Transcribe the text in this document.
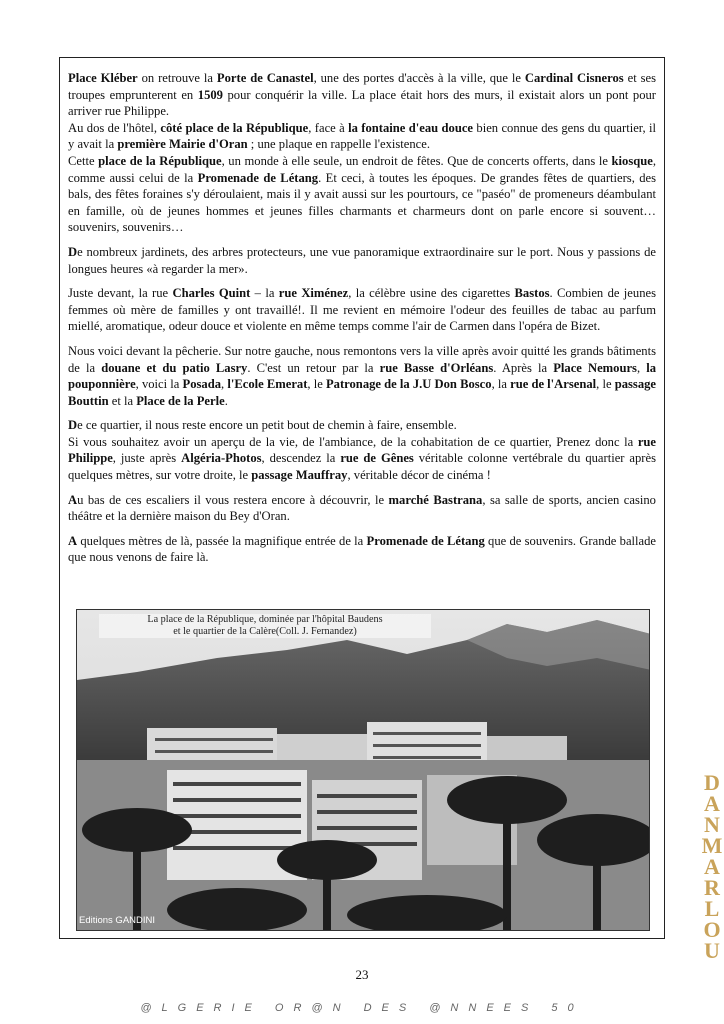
Place Kléber on retrouve la Porte de Canastel, une des portes d'accès à la ville, que le Cardinal Cisneros et ses troupes emprunterent en 1509 pour conquérir la ville. La place était hors des murs, il existait alors un pont pour arriver rue Philippe.
Au dos de l'hôtel, côté place de la République, face à la fontaine d'eau douce bien connue des gens du quartier, il y avait la première Mairie d'Oran ; une plaque en rappelle l'existence.
Cette place de la République, un monde à elle seule, un endroit de fêtes. Que de concerts offerts, dans le kiosque, comme aussi celui de la Promenade de Létang. Et ceci, à toutes les époques. De grandes fêtes de quartiers, des bals, des fêtes foraines s'y déroulaient, mais il y avait aussi sur les pourtours, ce "paséo" de promeneurs déambulant en famille, où de jeunes hommes et jeunes filles charmants et charmeurs dont on parle encore si souvent…souvenirs, souvenirs…

De nombreux jardinets, des arbres protecteurs, une vue panoramique extraordinaire sur le port. Nous y passions de longues heures «à regarder la mer».

Juste devant, la rue Charles Quint – la rue Ximénez, la célèbre usine des cigarettes Bastos. Combien de jeunes femmes où mère de familles y ont travaillé!. Il me revient en mémoire l'odeur des feuilles de tabac au parfum miellé, aromatique, odeur douce et violente en même temps comme l'air de Carmen dans l'opéra de Bizet.

Nous voici devant la pêcherie. Sur notre gauche, nous remontons vers la ville après avoir quitté les grands bâtiments de la douane et du patio Lasry. C'est un retour par la rue Basse d'Orléans. Après la Place Nemours, la pouponnière, voici la Posada, l'Ecole Emerat, le Patronage de la J.U Don Bosco, la rue de l'Arsenal, le passage Bouttin et la Place de la Perle.

De ce quartier, il nous reste encore un petit bout de chemin à faire, ensemble.
Si vous souhaitez avoir un aperçu de la vie, de l'ambiance, de la cohabitation de ce quartier, Prenez donc la rue Philippe, juste après Algéria-Photos, descendez la rue de Gênes véritable colonne vertébrale du quartier après quelques mètres, sur votre droite, le passage Mauffray, véritable décor de cinéma !

Au bas de ces escaliers il vous restera encore à découvrir, le marché Bastrana, sa salle de sports, ancien casino théâtre et la dernière maison du Bey d'Oran.

A quelques mètres de là, passée la magnifique entrée de la Promenade de Létang que de souvenirs. Grande ballade que nous venons de faire là.

La place de la République, dominée par l'hôpital Baudens
et le quartier de la Calère(Coll. J. Fernandez)
Editions GANDINI
23
@LGERIE OR@N DES @NNEES 50
D
A
N
M
A
R
L
O
U
